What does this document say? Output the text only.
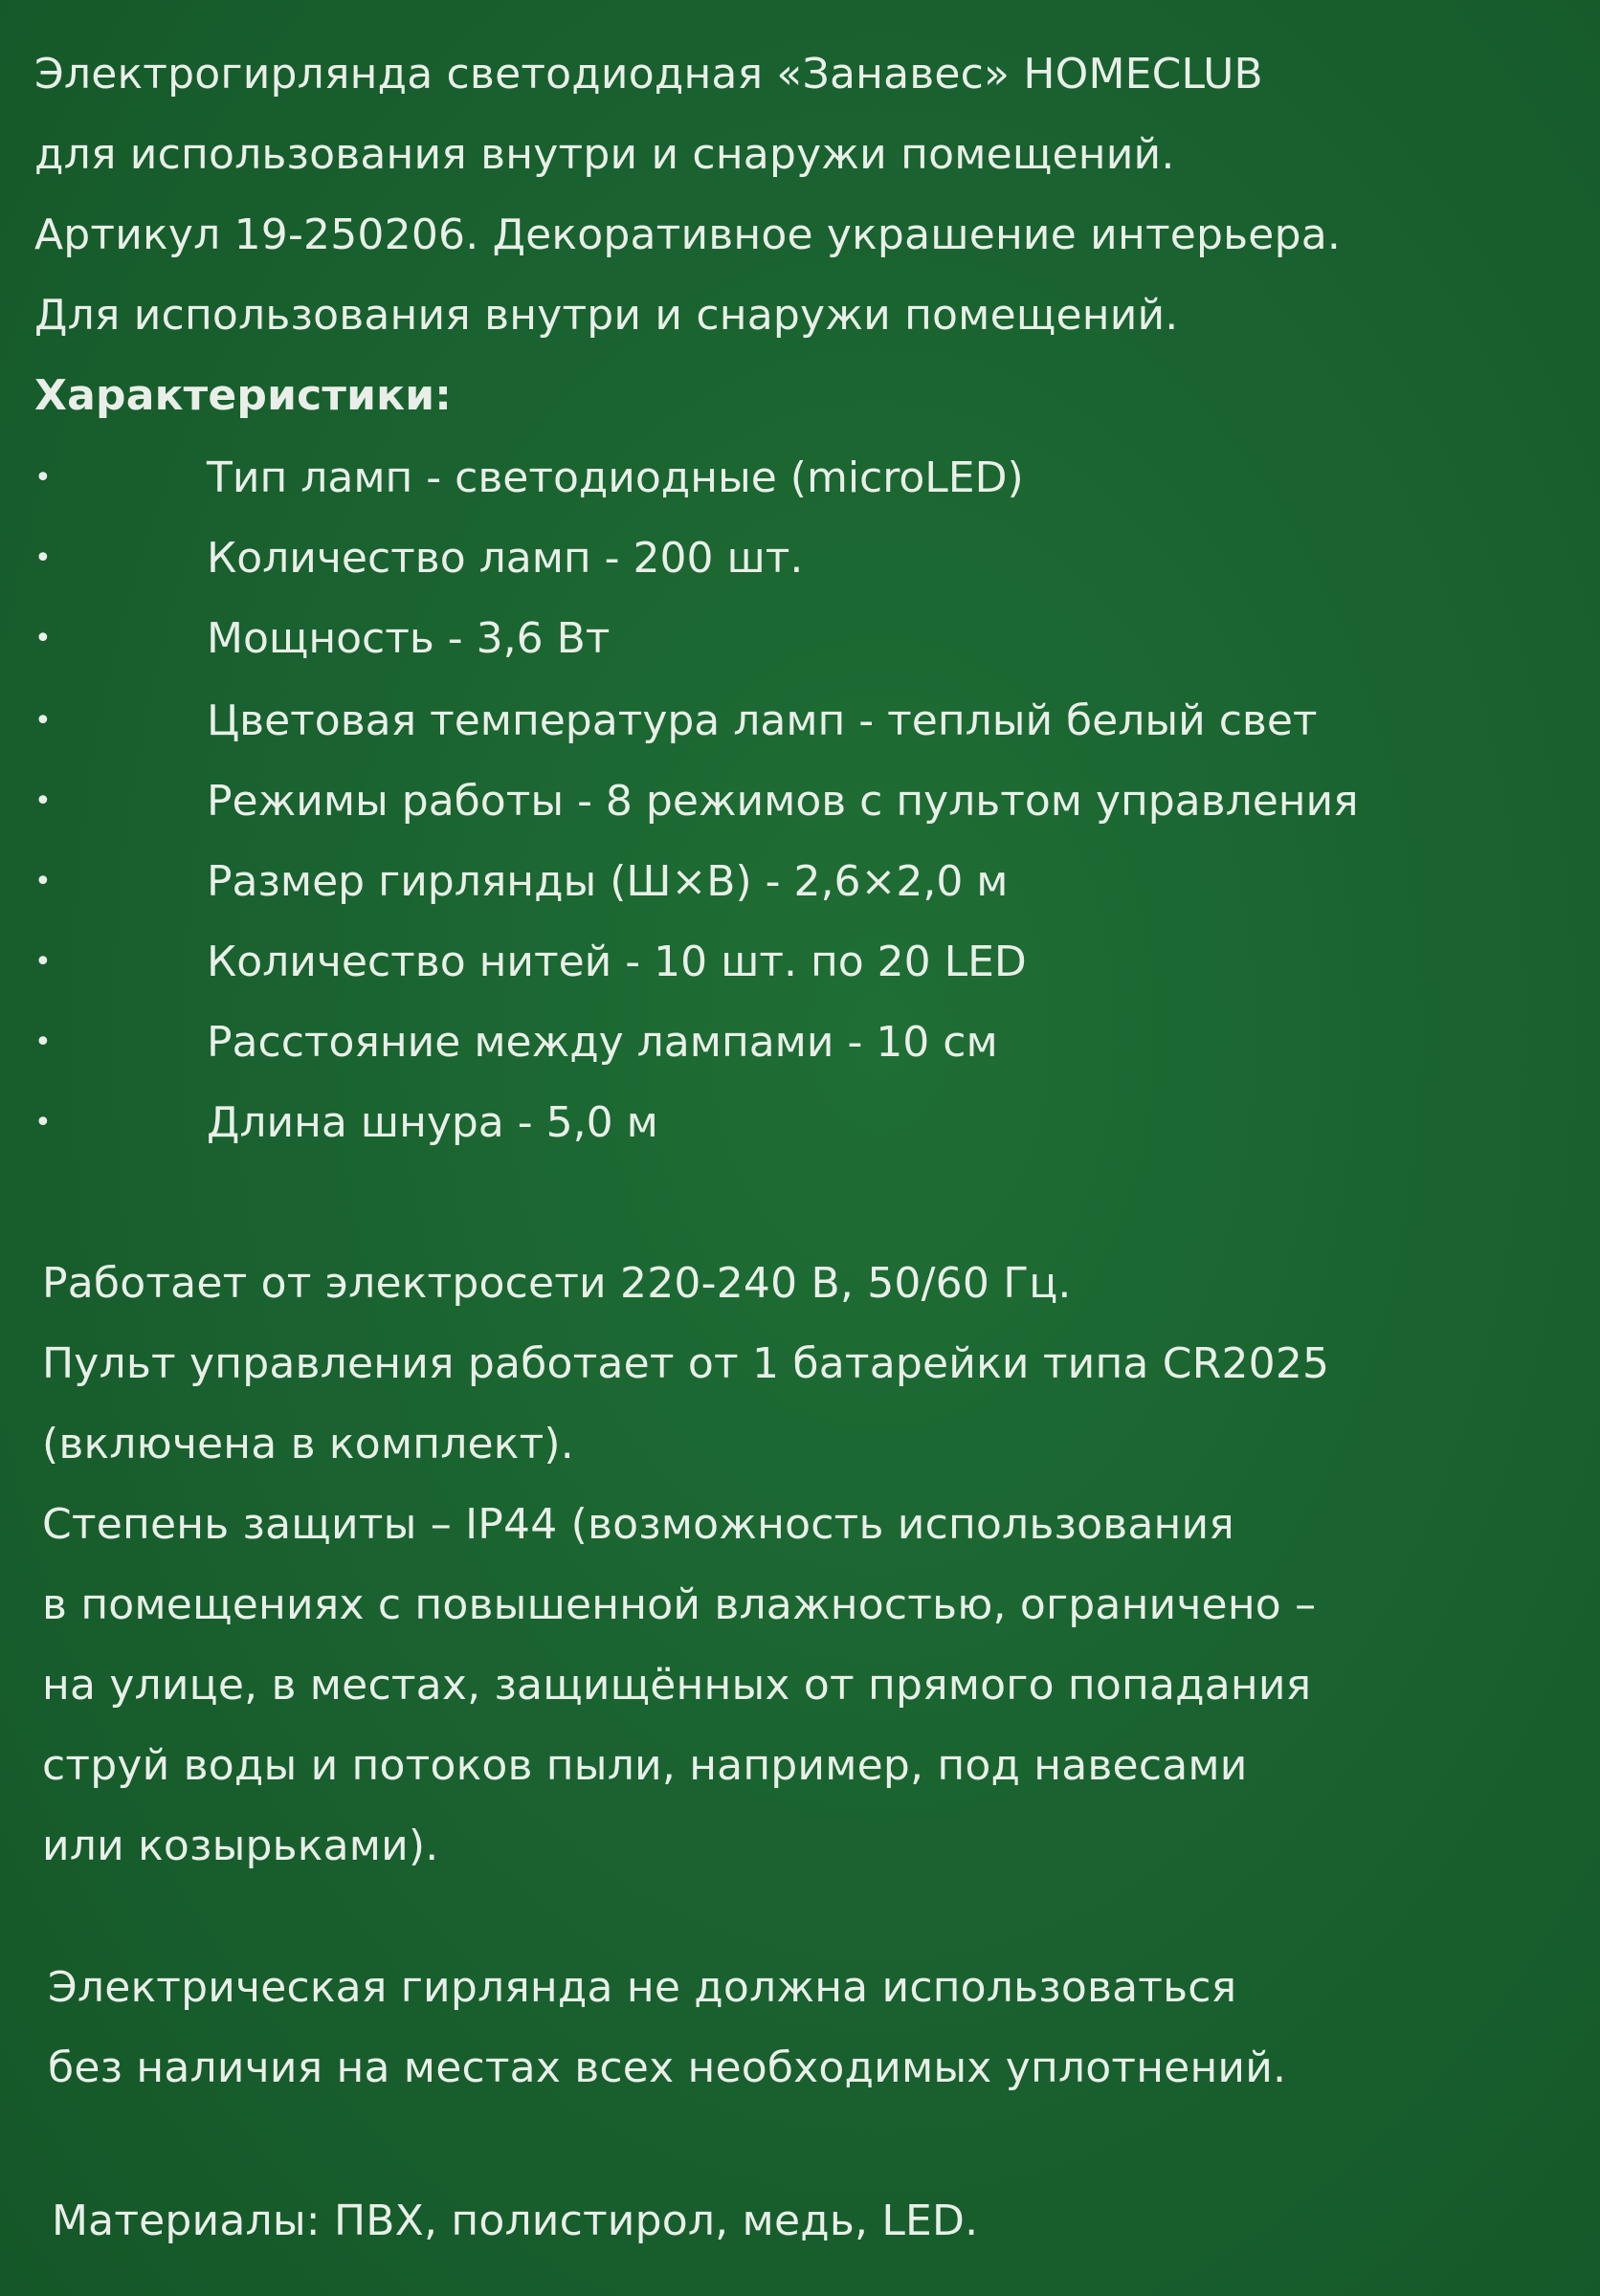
Электрогирлянда светодиодная «Занавес» HOMECLUB
для использования внутри и снаружи помещений.
Артикул 19-250206. Декоративное украшение интерьера.
Для использования внутри и снаружи помещений.
Характеристики:
•	Тип ламп - светодиодные (microLED)
•	Количество ламп - 200 шт.
•	Мощность - 3,6 Вт
•	Цветовая температура ламп - теплый белый свет
•	Режимы работы - 8 режимов с пультом управления
•	Размер гирлянды (Ш×В) - 2,6×2,0 м
•	Количество нитей - 10 шт. по 20 LED
•	Расстояние между лампами - 10 см
•	Длина шнура - 5,0 м
Работает от электросети 220-240 В, 50/60 Гц.
Пульт управления работает от 1 батарейки типа CR2025
(включена в комплект).
Степень защиты – IP44 (возможность использования
в помещениях с повышенной влажностью, ограничено –
на улице, в местах, защищённых от прямого попадания
струй воды и потоков пыли, например, под навесами
или козырьками).
Электрическая гирлянда не должна использоваться
без наличия на местах всех необходимых уплотнений.
Материалы: ПВХ, полистирол, медь, LED.
